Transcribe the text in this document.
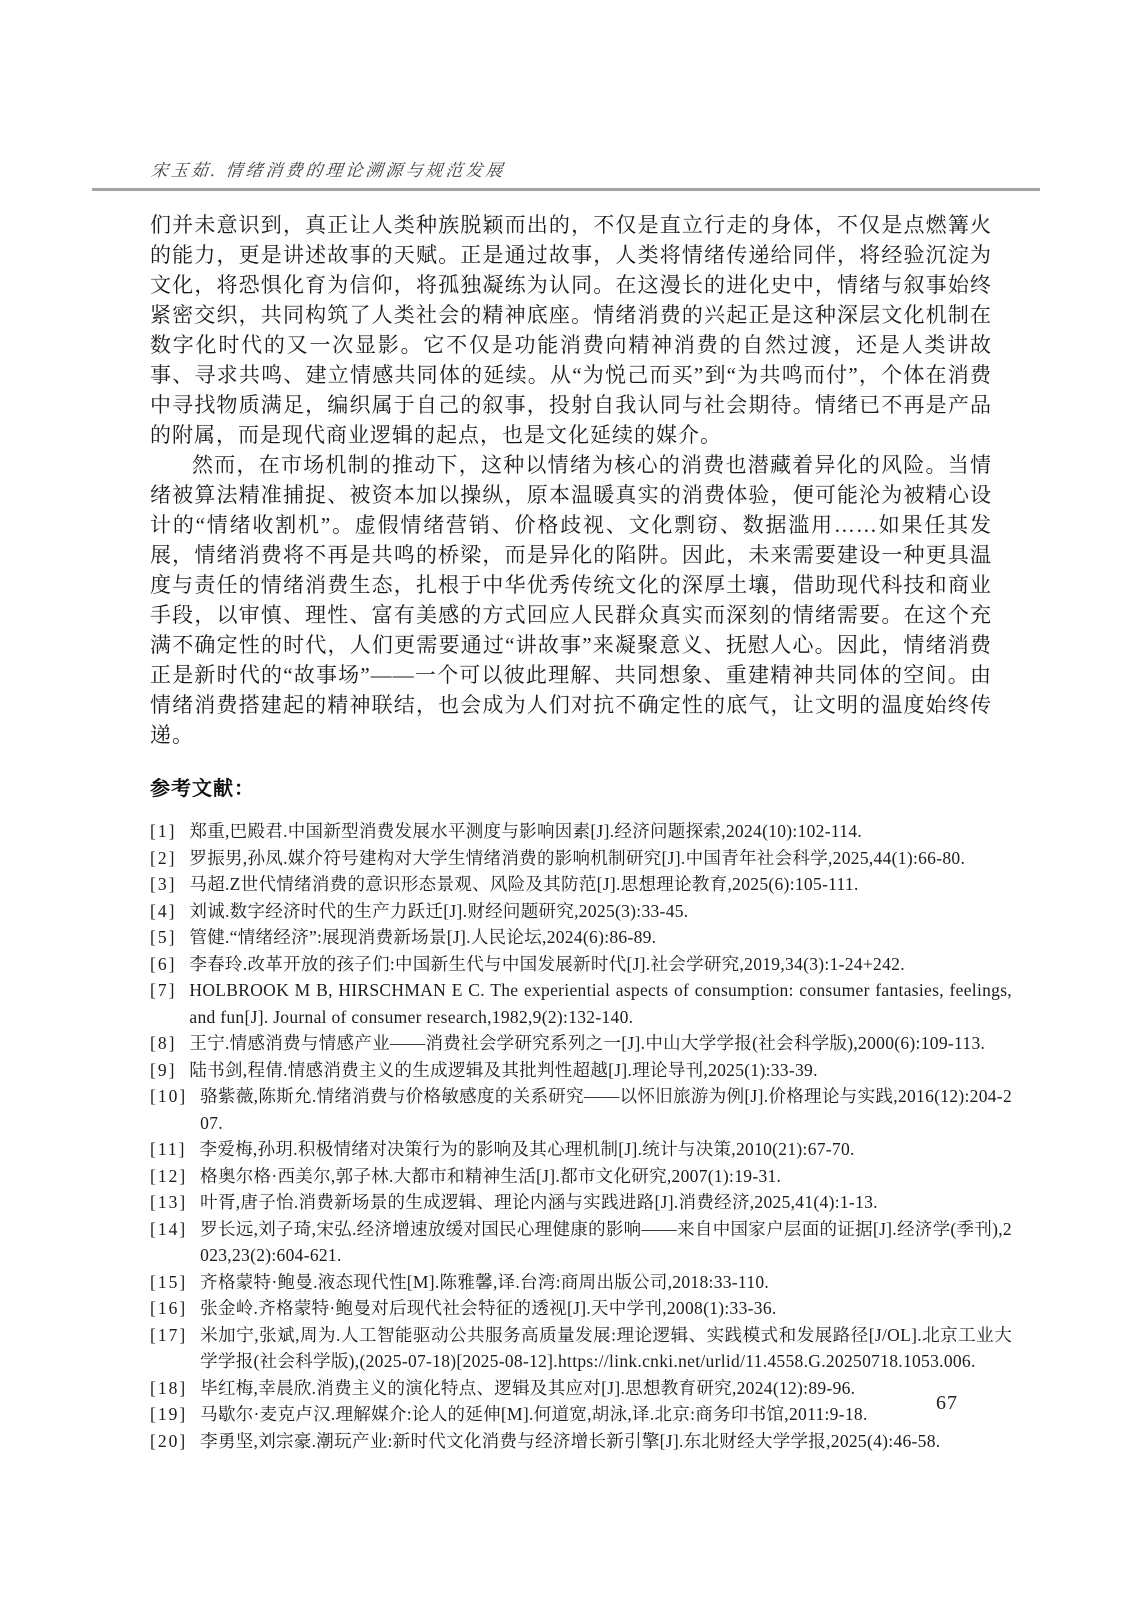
宋玉茹. 情绪消费的理论溯源与规范发展

们并未意识到，真正让人类种族脱颖而出的，不仅是直立行走的身体，不仅是点燃篝火的能力，更是讲述故事的天赋。正是通过故事，人类将情绪传递给同伴，将经验沉淀为文化，将恐惧化育为信仰，将孤独凝练为认同。在这漫长的进化史中，情绪与叙事始终紧密交织，共同构筑了人类社会的精神底座。情绪消费的兴起正是这种深层文化机制在数字化时代的又一次显影。它不仅是功能消费向精神消费的自然过渡，还是人类讲故事、寻求共鸣、建立情感共同体的延续。从“为悦己而买”到“为共鸣而付”，个体在消费中寻找物质满足，编织属于自己的叙事，投射自我认同与社会期待。情绪已不再是产品的附属，而是现代商业逻辑的起点，也是文化延续的媒介。

然而，在市场机制的推动下，这种以情绪为核心的消费也潜藏着异化的风险。当情绪被算法精准捕捉、被资本加以操纵，原本温暖真实的消费体验，便可能沦为被精心设计的“情绪收割机”。虚假情绪营销、价格歧视、文化剽窃、数据滥用……如果任其发展，情绪消费将不再是共鸣的桥梁，而是异化的陷阱。因此，未来需要建设一种更具温度与责任的情绪消费生态，扎根于中华优秀传统文化的深厚土壤，借助现代科技和商业手段，以审慎、理性、富有美感的方式回应人民群众真实而深刻的情绪需要。在这个充满不确定性的时代，人们更需要通过“讲故事”来凝聚意义、抚慰人心。因此，情绪消费正是新时代的“故事场”——一个可以彼此理解、共同想象、重建精神共同体的空间。由情绪消费搭建起的精神联结，也会成为人们对抗不确定性的底气，让文明的温度始终传递。

参考文献：
[1] 郑重,巴殿君.中国新型消费发展水平测度与影响因素[J].经济问题探索,2024(10):102-114.
[2] 罗振男,孙凤.媒介符号建构对大学生情绪消费的影响机制研究[J].中国青年社会科学,2025,44(1):66-80.
[3] 马超.Z世代情绪消费的意识形态景观、风险及其防范[J].思想理论教育,2025(6):105-111.
[4] 刘诚.数字经济时代的生产力跃迁[J].财经问题研究,2025(3):33-45.
[5] 管健.“情绪经济”:展现消费新场景[J].人民论坛,2024(6):86-89.
[6] 李春玲.改革开放的孩子们:中国新生代与中国发展新时代[J].社会学研究,2019,34(3):1-24+242.
[7] HOLBROOK M B, HIRSCHMAN E C. The experiential aspects of consumption: consumer fantasies, feelings, and fun[J]. Journal of consumer research,1982,9(2):132-140.
[8] 王宁.情感消费与情感产业——消费社会学研究系列之一[J].中山大学学报(社会科学版),2000(6):109-113.
[9] 陆书剑,程倩.情感消费主义的生成逻辑及其批判性超越[J].理论导刊,2025(1):33-39.
[10] 骆紫薇,陈斯允.情绪消费与价格敏感度的关系研究——以怀旧旅游为例[J].价格理论与实践,2016(12):204-207.
[11] 李爱梅,孙玥.积极情绪对决策行为的影响及其心理机制[J].统计与决策,2010(21):67-70.
[12] 格奥尔格·西美尔,郭子林.大都市和精神生活[J].都市文化研究,2007(1):19-31.
[13] 叶胥,唐子怡.消费新场景的生成逻辑、理论内涵与实践进路[J].消费经济,2025,41(4):1-13.
[14] 罗长远,刘子琦,宋弘.经济增速放缓对国民心理健康的影响——来自中国家户层面的证据[J].经济学(季刊),2023,23(2):604-621.
[15] 齐格蒙特·鲍曼.液态现代性[M].陈雅馨,译.台湾:商周出版公司,2018:33-110.
[16] 张金岭.齐格蒙特·鲍曼对后现代社会特征的透视[J].天中学刊,2008(1):33-36.
[17] 米加宁,张斌,周为.人工智能驱动公共服务高质量发展:理论逻辑、实践模式和发展路径[J/OL].北京工业大学学报(社会科学版),(2025-07-18)[2025-08-12].https://link.cnki.net/urlid/11.4558.G.20250718.1053.006.
[18] 毕红梅,幸晨欣.消费主义的演化特点、逻辑及其应对[J].思想教育研究,2024(12):89-96.
[19] 马歇尔·麦克卢汉.理解媒介:论人的延伸[M].何道宽,胡泳,译.北京:商务印书馆,2011:9-18.
[20] 李勇坚,刘宗豪.潮玩产业:新时代文化消费与经济增长新引擎[J].东北财经大学学报,2025(4):46-58.
67
